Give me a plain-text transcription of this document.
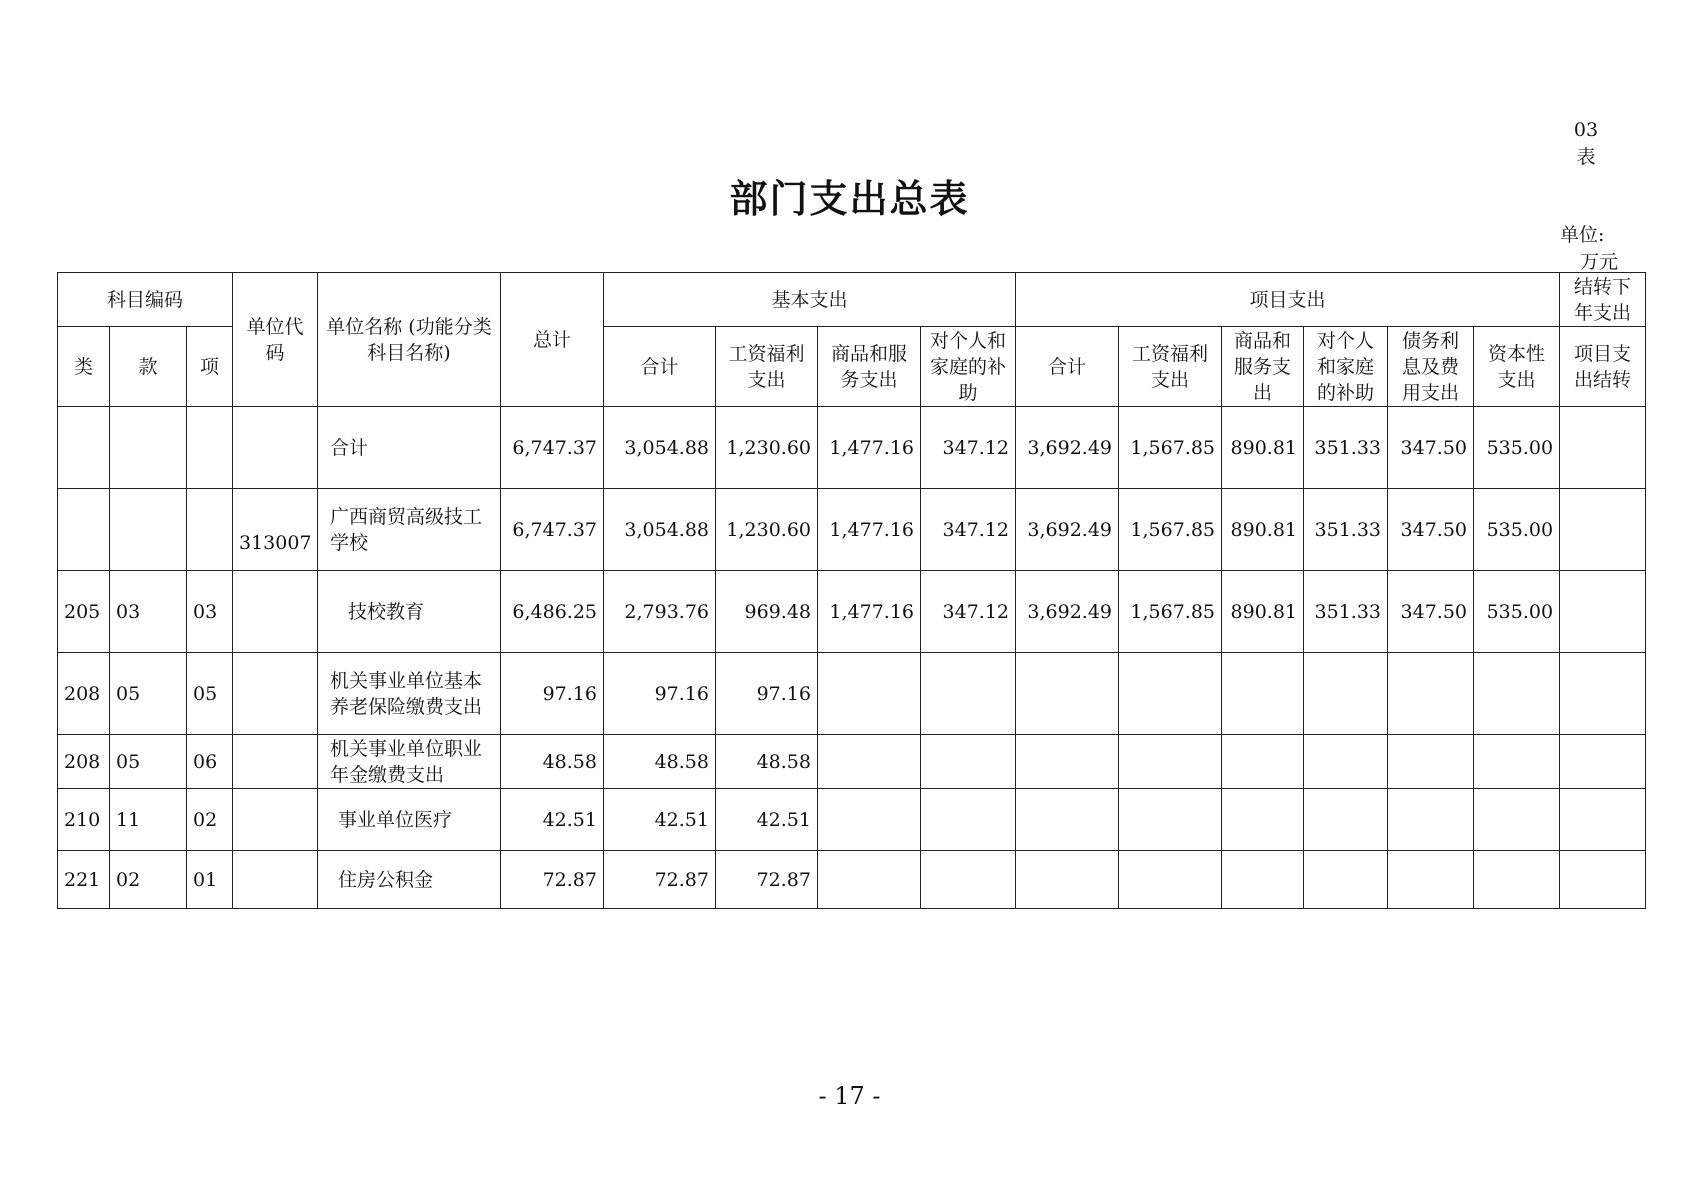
03
表
部门支出总表
单位:
万元
科目编码			单位代码	单位名称 (功能分类科目名称)	总计	基本支出				项目支出						结转下年支出
类	款	项				合计	工资福利支出	商品和服务支出	对个人和家庭的补助	合计	工资福利支出	商品和服务支出	对个人和家庭的补助	债务利息及费用支出	资本性支出	项目支出结转
				合计	6,747.37	3,054.88	1,230.60	1,477.16	347.12	3,692.49	1,567.85	890.81	351.33	347.50	535.00	
			313007	广西商贸高级技工学校	6,747.37	3,054.88	1,230.60	1,477.16	347.12	3,692.49	1,567.85	890.81	351.33	347.50	535.00	
205	03	03		技校教育	6,486.25	2,793.76	969.48	1,477.16	347.12	3,692.49	1,567.85	890.81	351.33	347.50	535.00	
208	05	05		机关事业单位基本养老保险缴费支出	97.16	97.16	97.16									
208	05	06		机关事业单位职业年金缴费支出	48.58	48.58	48.58									
210	11	02		事业单位医疗	42.51	42.51	42.51									
221	02	01		住房公积金	72.87	72.87	72.87									
- 17 -
